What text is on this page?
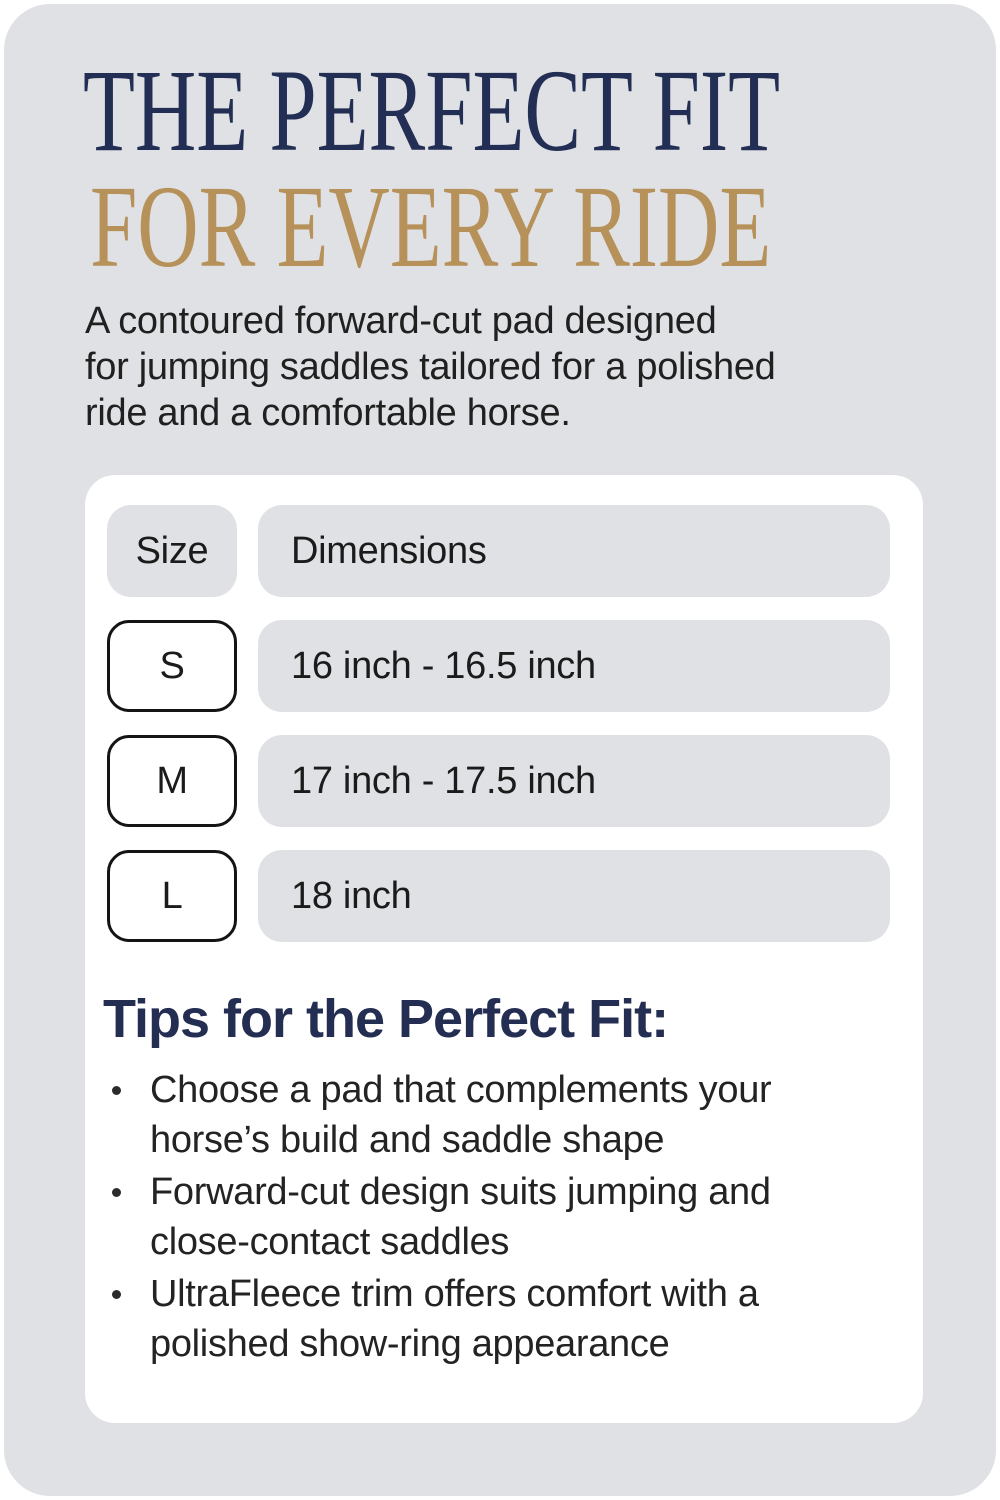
THE PERFECT FIT
FOR EVERY RIDE
A contoured forward-cut pad designed
for jumping saddles tailored for a polished
ride and a comfortable horse.
Size	Dimensions
S	16 inch - 16.5 inch
M	17 inch - 17.5 inch
L	18 inch
Tips for the Perfect Fit:
Choose a pad that complements your
horse’s build and saddle shape
Forward-cut design suits jumping and
close-contact saddles
UltraFleece trim offers comfort with a
polished show-ring appearance
